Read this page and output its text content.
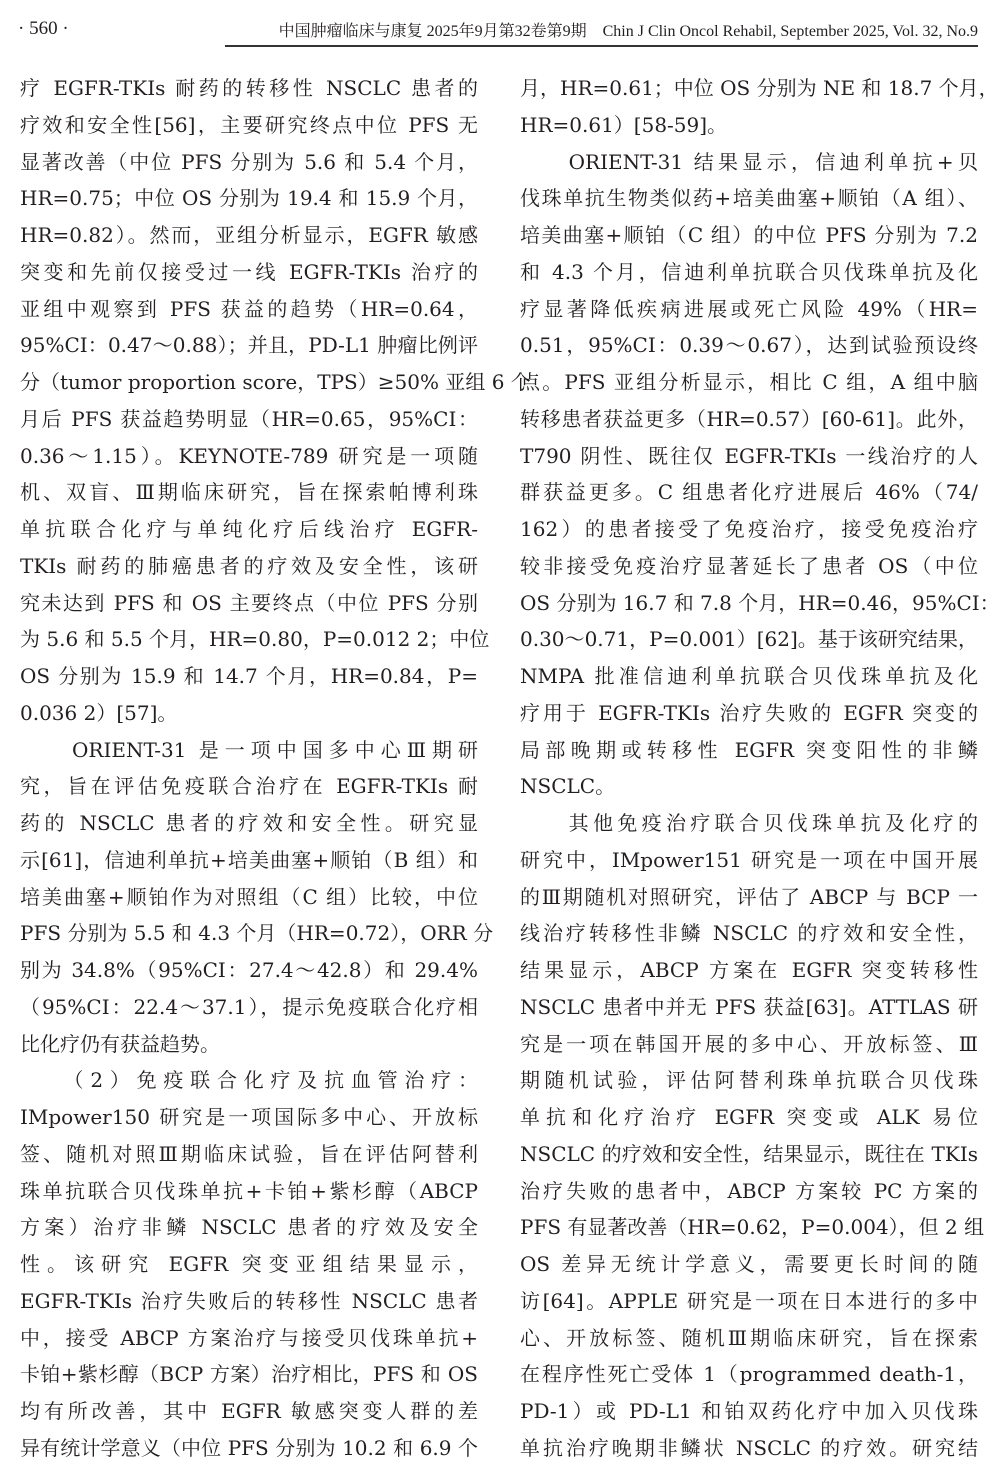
· 560 ·	中国肿瘤临床与康复 2025年9月第32卷第9期　Chin J Clin Oncol Rehabil, September 2025, Vol. 32, No.9
疗 EGFR-TKIs 耐药的转移性 NSCLC 患者的
疗效和安全性[56]，主要研究终点中位 PFS 无
显著改善（中位 PFS 分别为 5.6 和 5.4 个月，
HR=0.75；中位 OS 分别为 19.4 和 15.9 个月，
HR=0.82）。然而，亚组分析显示，EGFR 敏感
突变和先前仅接受过一线 EGFR-TKIs 治疗的
亚组中观察到 PFS 获益的趋势（HR=0.64，
95%CI：0.47～0.88）；并且，PD-L1 肿瘤比例评
分（tumor proportion score，TPS）≥50% 亚组 6 个
月后 PFS 获益趋势明显（HR=0.65，95%CI：
0.36～1.15）。KEYNOTE-789 研究是一项随
机、双盲、Ⅲ期临床研究，旨在探索帕博利珠
单抗联合化疗与单纯化疗后线治疗 EGFR-
TKIs 耐药的肺癌患者的疗效及安全性，该研
究未达到 PFS 和 OS 主要终点（中位 PFS 分别
为 5.6 和 5.5 个月，HR=0.80，P=0.012 2；中位
OS 分别为 15.9 和 14.7 个月，HR=0.84，P=
0.036 2）[57]。
　　ORIENT-31 是一项中国多中心Ⅲ期研
究，旨在评估免疫联合治疗在 EGFR-TKIs 耐
药的 NSCLC 患者的疗效和安全性。研究显
示[61]，信迪利单抗+培美曲塞+顺铂（B 组）和
培美曲塞+顺铂作为对照组（C 组）比较，中位
PFS 分别为 5.5 和 4.3 个月（HR=0.72），ORR 分
别为 34.8%（95%CI：27.4～42.8）和 29.4%
（95%CI：22.4～37.1），提示免疫联合化疗相
比化疗仍有获益趋势。
　　（2）免疫联合化疗及抗血管治疗：
IMpower150 研究是一项国际多中心、开放标
签、随机对照Ⅲ期临床试验，旨在评估阿替利
珠单抗联合贝伐珠单抗+卡铂+紫杉醇（ABCP
方案）治疗非鳞 NSCLC 患者的疗效及安全
性。该研究 EGFR 突变亚组结果显示，
EGFR-TKIs 治疗失败后的转移性 NSCLC 患者
中，接受 ABCP 方案治疗与接受贝伐珠单抗+
卡铂+紫杉醇（BCP 方案）治疗相比，PFS 和 OS
均有所改善，其中 EGFR 敏感突变人群的差
异有统计学意义（中位 PFS 分别为 10.2 和 6.9 个
月，HR=0.61；中位 OS 分别为 NE 和 18.7 个月，
HR=0.61）[58-59]。
　　ORIENT-31 结果显示，信迪利单抗+贝
伐珠单抗生物类似药+培美曲塞+顺铂（A 组）、
培美曲塞+顺铂（C 组）的中位 PFS 分别为 7.2
和 4.3 个月，信迪利单抗联合贝伐珠单抗及化
疗显著降低疾病进展或死亡风险 49%（HR=
0.51，95%CI：0.39～0.67），达到试验预设终
点。PFS 亚组分析显示，相比 C 组，A 组中脑
转移患者获益更多（HR=0.57）[60-61]。此外，
T790 阴性、既往仅 EGFR-TKIs 一线治疗的人
群获益更多。C 组患者化疗进展后 46%（74/
162）的患者接受了免疫治疗，接受免疫治疗
较非接受免疫治疗显著延长了患者 OS（中位
OS 分别为 16.7 和 7.8 个月，HR=0.46，95%CI：
0.30～0.71，P=0.001）[62]。基于该研究结果，
NMPA 批准信迪利单抗联合贝伐珠单抗及化
疗用于 EGFR-TKIs 治疗失败的 EGFR 突变的
局部晚期或转移性 EGFR 突变阳性的非鳞
NSCLC。
　　其他免疫治疗联合贝伐珠单抗及化疗的
研究中，IMpower151 研究是一项在中国开展
的Ⅲ期随机对照研究，评估了 ABCP 与 BCP 一
线治疗转移性非鳞 NSCLC 的疗效和安全性，
结果显示，ABCP 方案在 EGFR 突变转移性
NSCLC 患者中并无 PFS 获益[63]。ATTLAS 研
究是一项在韩国开展的多中心、开放标签、Ⅲ
期随机试验，评估阿替利珠单抗联合贝伐珠
单抗和化疗治疗 EGFR 突变或 ALK 易位
NSCLC 的疗效和安全性，结果显示，既往在 TKIs
治疗失败的患者中，ABCP 方案较 PC 方案的
PFS 有显著改善（HR=0.62，P=0.004），但 2 组
OS 差异无统计学意义，需要更长时间的随
访[64]。APPLE 研究是一项在日本进行的多中
心、开放标签、随机Ⅲ期临床研究，旨在探索
在程序性死亡受体 1（programmed death-1，
PD-1）或 PD-L1 和铂双药化疗中加入贝伐珠
单抗治疗晚期非鳞状 NSCLC 的疗效。研究结
